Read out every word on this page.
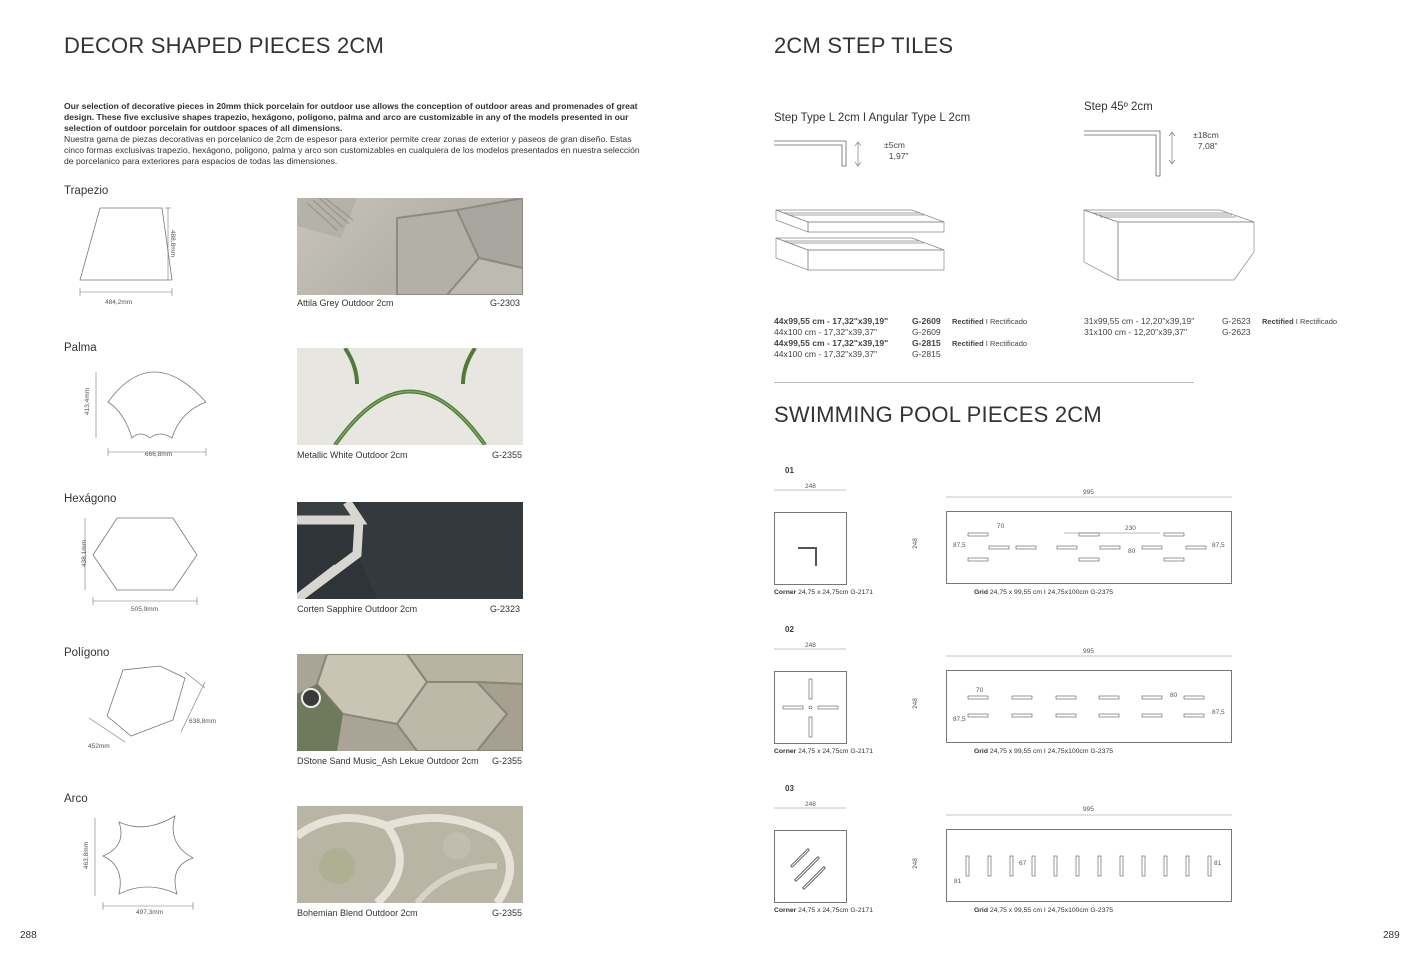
DECOR SHAPED PIECES 2CM
Our selection of decorative pieces in 20mm thick porcelain for outdoor use allows the conception of outdoor areas and promenades of great design. These five exclusive shapes trapezio, hexágono, polígono, palma and arco are customizable in any of the models presented in our selection of outdoor porcelain for outdoor spaces of all dimensions.
Nuestra gama de piezas decorativas en porcelanico de 2cm de espesor para exterior permite crear zonas de exterior y paseos de gran diseño. Estas cinco formas exclusivas trapezio, hexágono, poligono, palma y arco son customizables en cualquiera de los modelos presentados en nuestra selección de porcelanico para exteriores para espacios de todas las dimensiones.
Trapezio
484,2mm
488,8mm
Attila Grey Outdoor 2cm	G-2303
Palma
666,8mm
413,4mm
Metallic White Outdoor 2cm	G-2355
Hexágono
505,9mm
438,1mm
Corten Sapphire Outdoor 2cm	G-2323
Polígono
452mm
638,8mm
DStone Sand Music_Ash Lekue Outdoor 2cm G-2355
Arco
497,3mm
463,8mm
Bohemian Blend Outdoor 2cm	G-2355
288
2CM STEP TILES
Step Type L 2cm I Angular Type L 2cm
Step 45º 2cm
±5cm
1,97"
±18cm
7,08"
44x99,55 cm - 17,32"x39,19"	G-2609 Rectified I Rectificado
44x100 cm - 17,32"x39,37"	G-2609
44x99,55 cm - 17,32"x39,19"	G-2815 Rectified I Rectificado
44x100 cm - 17,32"x39,37"	G-2815
31x99,55 cm - 12,20"x39,19"	G-2623 Rectified I Rectificado
31x100 cm - 12,20"x39,37"	G-2623
SWIMMING POOL PIECES 2CM
01
248
Corner 24,75 x 24,75cm G-2171
995
248
70	230
87,5	87,5
80
Grid 24,75 x 99,55 cm I 24,75x100cm G-2375
02
248
Corner 24,75 x 24,75cm G-2171
995
248
70
80
87,5
87,5
Grid 24,75 x 99,55 cm I 24,75x100cm G-2375
03
248
Corner 24,75 x 24,75cm G-2171
995
248	67
81
81
Grid 24,75 x 99,55 cm I 24,75x100cm G-2375
289
